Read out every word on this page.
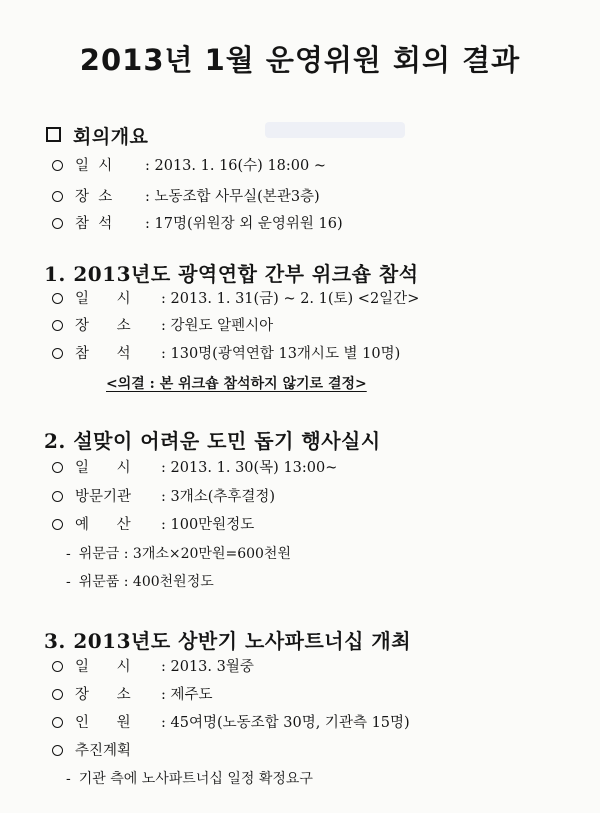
2013년 1월 운영위원 회의 결과
회의개요
일  시 : 2013. 1. 16(수) 18:00 ~
장  소 : 노동조합 사무실(본관3층)
참  석 : 17명(위원장 외 운영위원 16)
1. 2013년도 광역연합 간부 위크숍 참석
일      시 : 2013. 1. 31(금) ~ 2. 1(토) <2일간>
장      소 : 강원도 알펜시아
참      석 : 130명(광역연합 13개시도 별 10명)
<의결 : 본 위크숍 참석하지 않기로 결정>
2. 설맞이 어려운 도민 돕기 행사실시
일      시 : 2013. 1. 30(목) 13:00~
방문기관 : 3개소(추후결정)
예      산 : 100만원정도
- 위문금 : 3개소×20만원=600천원
- 위문품 : 400천원정도
3. 2013년도 상반기 노사파트너십 개최
일      시 : 2013. 3월중
장      소 : 제주도
인      원 : 45여명(노동조합 30명, 기관측 15명)
추진계획
- 기관 측에 노사파트너십 일정 확정요구
